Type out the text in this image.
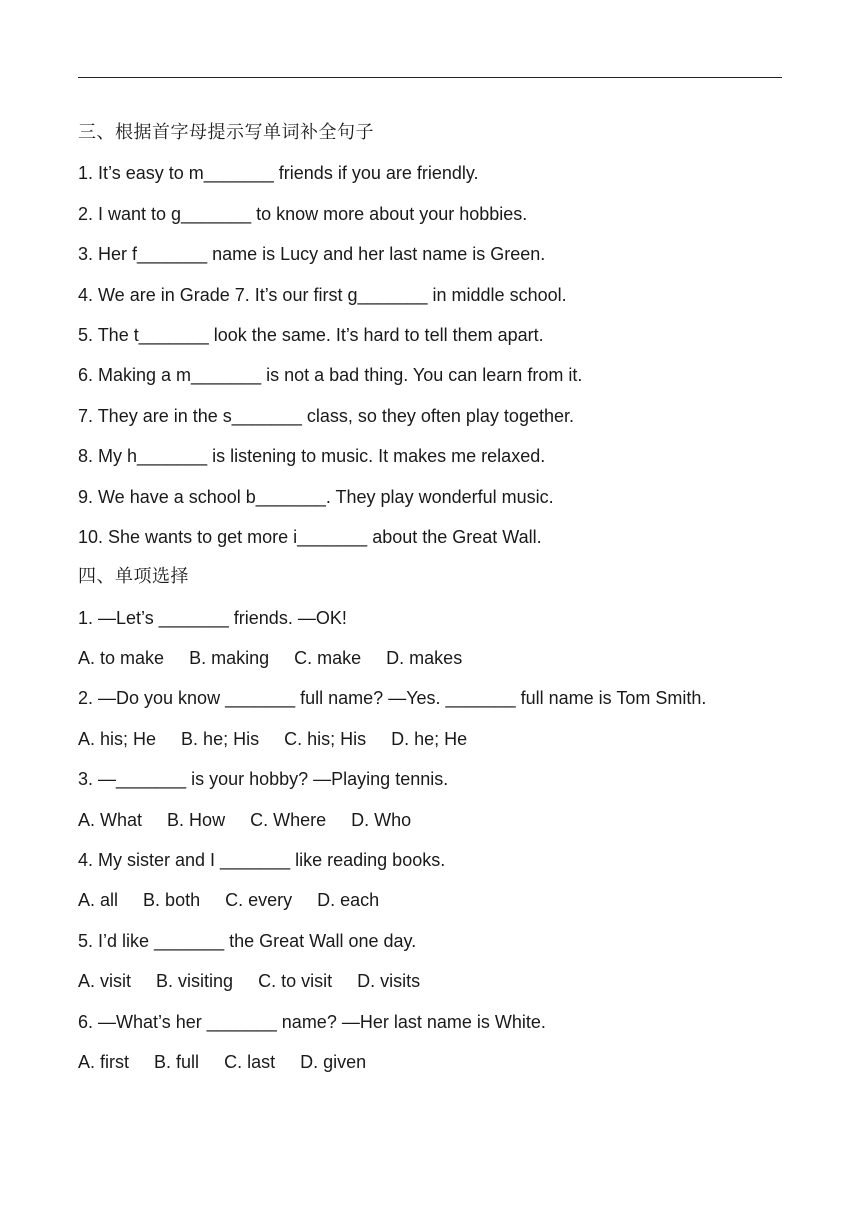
三、根据首字母提示写单词补全句子
1. It’s easy to m_______ friends if you are friendly.
2. I want to g_______ to know more about your hobbies.
3. Her f_______ name is Lucy and her last name is Green.
4. We are in Grade 7. It’s our first g_______ in middle school.
5. The t_______ look the same. It’s hard to tell them apart.
6. Making a m_______ is not a bad thing. You can learn from it.
7. They are in the s_______ class, so they often play together.
8. My h_______ is listening to music. It makes me relaxed.
9. We have a school b_______. They play wonderful music.
10. She wants to get more i_______ about the Great Wall.
四、单项选择
1. —Let’s _______ friends. —OK!
A. to make B. making C. make D. makes
2. —Do you know _______ full name? —Yes. _______ full name is Tom Smith.
A. his; He B. he; His C. his; His D. he; He
3. —_______ is your hobby? —Playing tennis.
A. What B. How C. Where D. Who
4. My sister and I _______ like reading books.
A. all B. both C. every D. each
5. I’d like _______ the Great Wall one day.
A. visit B. visiting C. to visit D. visits
6. —What’s her _______ name? —Her last name is White.
A. first B. full C. last D. given
